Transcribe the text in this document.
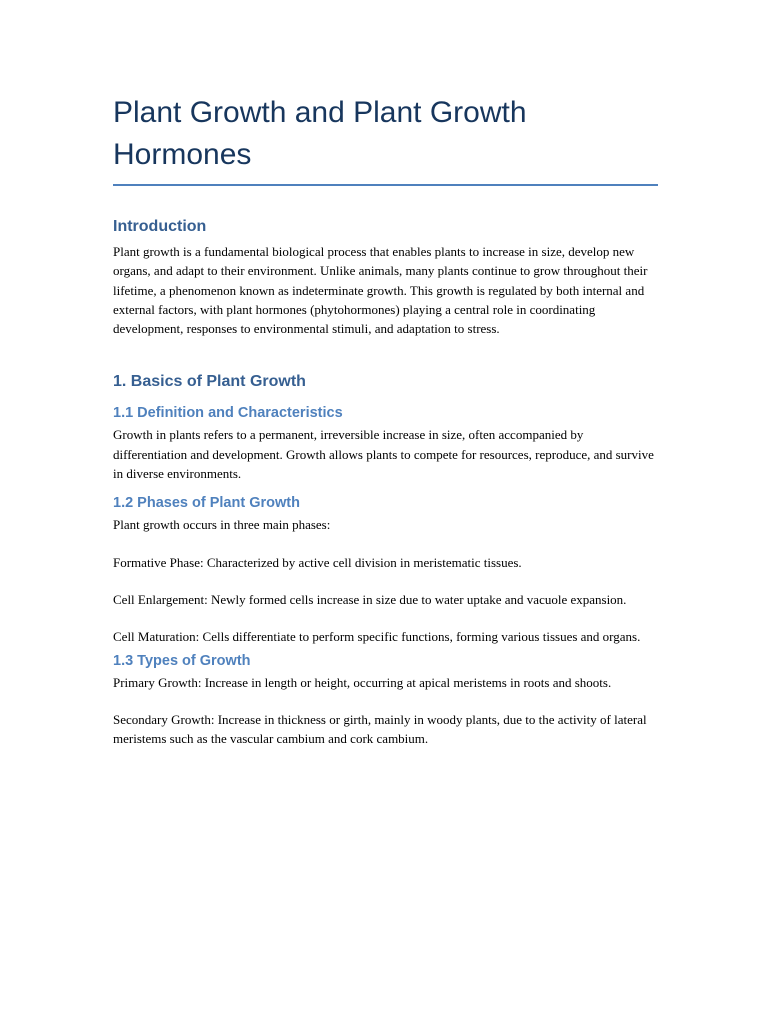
Plant Growth and Plant Growth Hormones
Introduction

Plant growth is a fundamental biological process that enables plants to increase in size, develop new organs, and adapt to their environment. Unlike animals, many plants continue to grow throughout their lifetime, a phenomenon known as indeterminate growth. This growth is regulated by both internal and external factors, with plant hormones (phytohormones) playing a central role in coordinating development, responses to environmental stimuli, and adaptation to stress.

1. Basics of Plant Growth
1.1 Definition and Characteristics

Growth in plants refers to a permanent, irreversible increase in size, often accompanied by differentiation and development. Growth allows plants to compete for resources, reproduce, and survive in diverse environments.

1.2 Phases of Plant Growth

Plant growth occurs in three main phases:

Formative Phase: Characterized by active cell division in meristematic tissues.

Cell Enlargement: Newly formed cells increase in size due to water uptake and vacuole expansion.

Cell Maturation: Cells differentiate to perform specific functions, forming various tissues and organs.

1.3 Types of Growth

Primary Growth: Increase in length or height, occurring at apical meristems in roots and shoots.

Secondary Growth: Increase in thickness or girth, mainly in woody plants, due to the activity of lateral meristems such as the vascular cambium and cork cambium.
